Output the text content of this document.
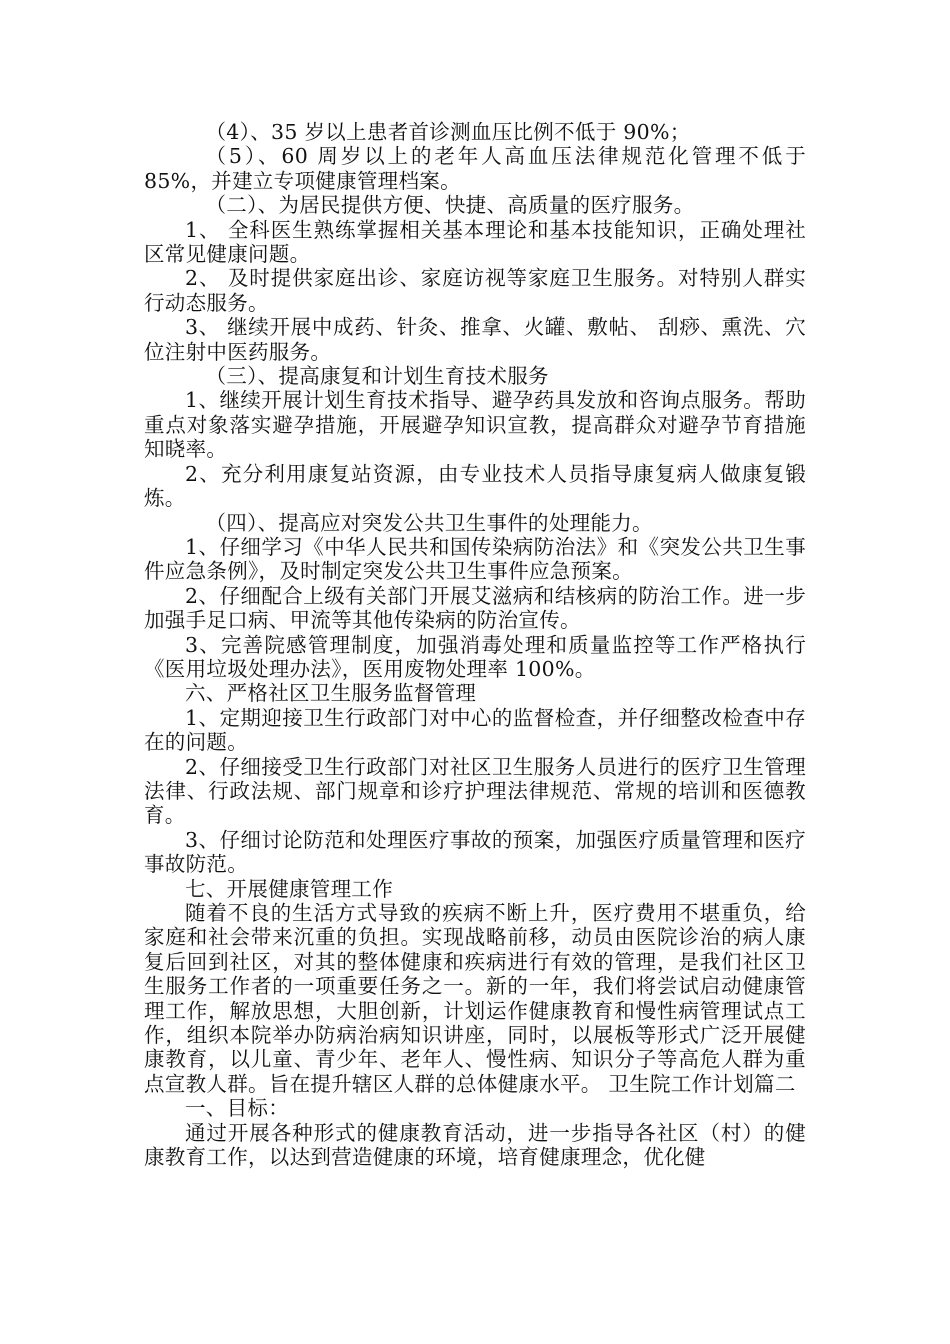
（4）、35 岁以上患者首诊测血压比例不低于 90%；

（5）、60 周岁以上的老年人高血压法律规范化管理不低于 85%，并建立专项健康管理档案。

（二）、为居民提供方便、快捷、高质量的医疗服务。

1、 全科医生熟练掌握相关基本理论和基本技能知识，正确处理社区常见健康问题。

2、 及时提供家庭出诊、家庭访视等家庭卫生服务。对特别人群实行动态服务。

3、 继续开展中成药、针灸、推拿、火罐、敷帖、 刮痧、熏洗、穴位注射中医药服务。

（三）、提高康复和计划生育技术服务

1、继续开展计划生育技术指导、避孕药具发放和咨询点服务。帮助重点对象落实避孕措施，开展避孕知识宣教，提高群众对避孕节育措施知晓率。

2、充分利用康复站资源，由专业技术人员指导康复病人做康复锻炼。

（四）、提高应对突发公共卫生事件的处理能力。

1、仔细学习《中华人民共和国传染病防治法》和《突发公共卫生事件应急条例》，及时制定突发公共卫生事件应急预案。

2、仔细配合上级有关部门开展艾滋病和结核病的防治工作。进一步加强手足口病、甲流等其他传染病的防治宣传。

3、完善院感管理制度，加强消毒处理和质量监控等工作严格执行《医用垃圾处理办法》，医用废物处理率 100%。

六、严格社区卫生服务监督管理

1、定期迎接卫生行政部门对中心的监督检查，并仔细整改检查中存在的问题。

2、仔细接受卫生行政部门对社区卫生服务人员进行的医疗卫生管理法律、行政法规、部门规章和诊疗护理法律规范、常规的培训和医德教育。

3、仔细讨论防范和处理医疗事故的预案，加强医疗质量管理和医疗事故防范。

七、开展健康管理工作

随着不良的生活方式导致的疾病不断上升，医疗费用不堪重负，给家庭和社会带来沉重的负担。实现战略前移，动员由医院诊治的病人康复后回到社区，对其的整体健康和疾病进行有效的管理，是我们社区卫生服务工作者的一项重要任务之一。新的一年，我们将尝试启动健康管理工作，解放思想，大胆创新，计划运作健康教育和慢性病管理试点工作，组织本院举办防病治病知识讲座，同时，以展板等形式广泛开展健康教育，以儿童、青少年、老年人、慢性病、知识分子等高危人群为重点宣教人群。旨在提升辖区人群的总体健康水平。 卫生院工作计划篇二

一、目标：

通过开展各种形式的健康教育活动，进一步指导各社区（村）的健康教育工作，以达到营造健康的环境，培育健康理念，优化健
